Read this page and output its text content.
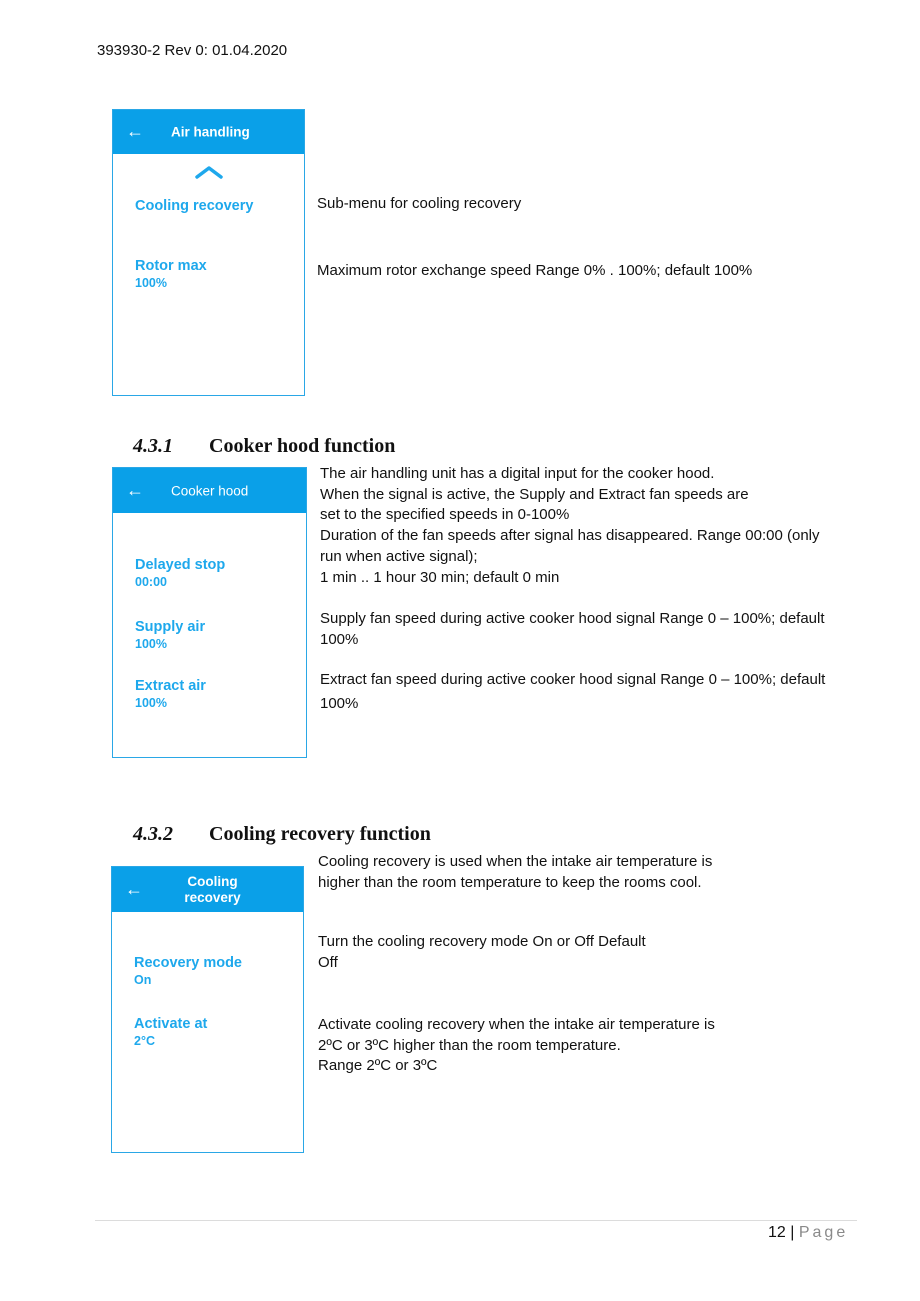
393930-2 Rev 0: 01.04.2020
← Air handling
Cooling recovery
Rotor max
100%
Sub-menu for cooling recovery
Maximum rotor exchange speed Range 0% . 100%; default 100%
4.3.1 Cooker hood function
← Cooker hood
Delayed stop
00:00
Supply air
100%
Extract air
100%
The air handling unit has a digital input for the cooker hood.
When the signal is active, the Supply and Extract fan speeds are
set to the specified speeds in 0-100%
Duration of the fan speeds after signal has disappeared. Range 00:00 (only
run when active signal);
1 min .. 1 hour 30 min; default 0 min
Supply fan speed during active cooker hood signal Range 0 – 100%; default
100%
Extract fan speed during active cooker hood signal Range 0 – 100%; default
100%
4.3.2 Cooling recovery function
←	Cooling
recovery
Recovery mode
On
Activate at
2°C
Cooling recovery is used when the intake air temperature is
higher than the room temperature to keep the rooms cool.
Turn the cooling recovery mode On or Off Default
Off
Activate cooling recovery when the intake air temperature is
2ºC or 3ºC higher than the room temperature.
Range 2ºC or 3ºC
12 | Page
